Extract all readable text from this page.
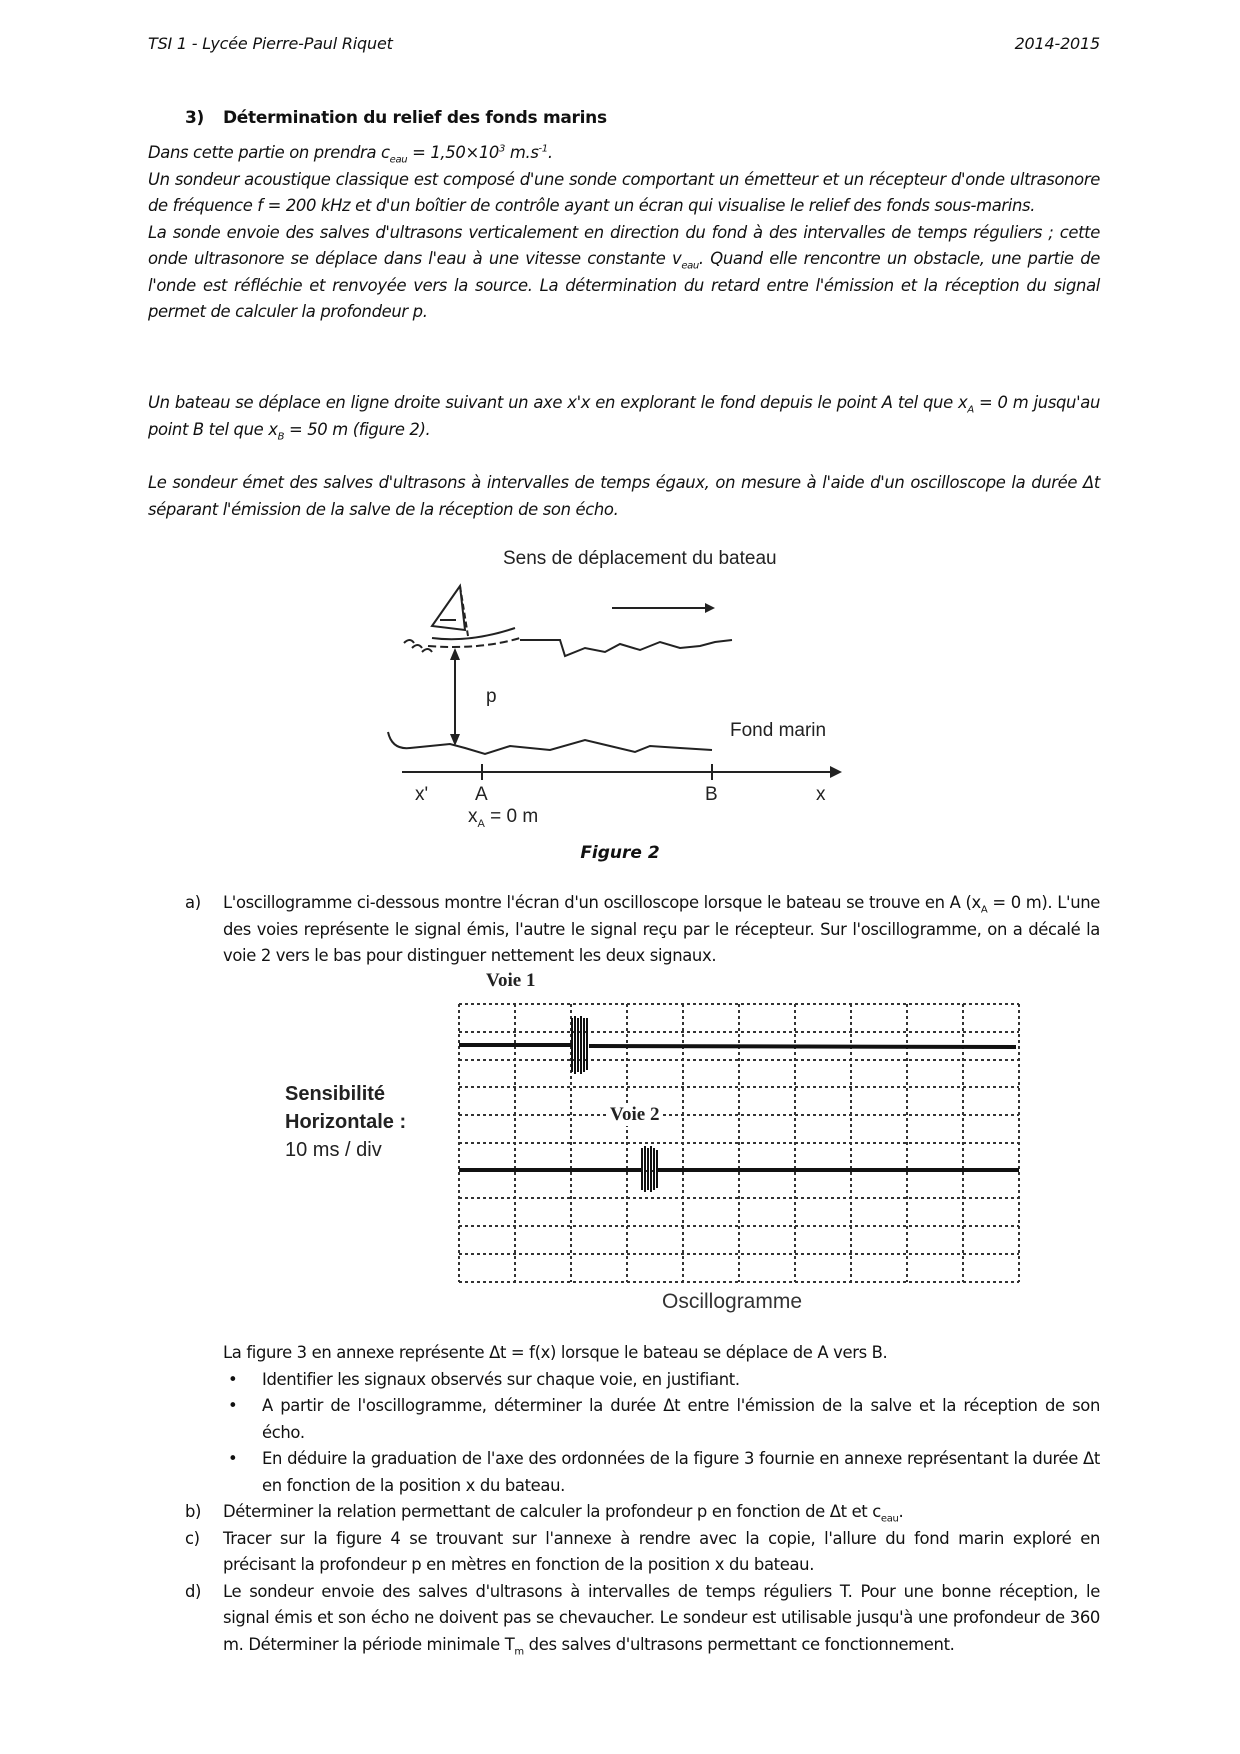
TSI 1 - Lycée Pierre-Paul Riquet	2014-2015
3) Détermination du relief des fonds marins

Dans cette partie on prendra $c_{eau} = 1,50\times 10^3$ $m.s^{-1}$.

Un sondeur acoustique classique est composé d'une sonde comportant un émetteur et un récepteur d'onde ultrasonore de fréquence f = 200 kHz et d'un boîtier de contrôle ayant un écran qui visualise le relief des fonds sous-marins.

La sonde envoie des salves d'ultrasons verticalement en direction du fond à des intervalles de temps réguliers ; cette onde ultrasonore se déplace dans l'eau à une vitesse constante $v_{eau}$. Quand elle rencontre un obstacle, une partie de l'onde est réfléchie et renvoyée vers la source. La détermination du retard entre l'émission et la réception du signal permet de calculer la profondeur p.

Un bateau se déplace en ligne droite suivant un axe x'x en explorant le fond depuis le point A tel que $x_A = 0$ m jusqu'au point B tel que $x_B = 50$ m (figure 2).

Le sondeur émet des salves d'ultrasons à intervalles de temps égaux, on mesure à l'aide d'un oscilloscope la durée Δt séparant l'émission de la salve de la réception de son écho.

Sens de déplacement du bateau
p
Fond marin
x' A	B	x
$x_A = 0$ m
Figure 2
a) L'oscillogramme ci-dessous montre l'écran d'un oscilloscope lorsque le bateau se trouve en A ($x_A = 0$ m). L'une des voies représente le signal émis, l'autre le signal reçu par le récepteur. Sur l'oscillogramme, on a décalé la voie 2 vers le bas pour distinguer nettement les deux signaux.
Voie 1
Voie 2
Sensibilité
Horizontale :
10 ms / div
Oscillogramme
La figure 3 en annexe représente Δt = f(x) lorsque le bateau se déplace de A vers B.
• Identifier les signaux observés sur chaque voie, en justifiant.
• A partir de l'oscillogramme, déterminer la durée Δt entre l'émission de la salve et la réception de son écho.
• En déduire la graduation de l'axe des ordonnées de la figure 3 fournie en annexe représentant la durée Δt en fonction de la position x du bateau.
b) Déterminer la relation permettant de calculer la profondeur p en fonction de Δt et $c_{eau}$.
c) Tracer sur la figure 4 se trouvant sur l'annexe à rendre avec la copie, l'allure du fond marin exploré en précisant la profondeur p en mètres en fonction de la position x du bateau.
d) Le sondeur envoie des salves d'ultrasons à intervalles de temps réguliers T. Pour une bonne réception, le signal émis et son écho ne doivent pas se chevaucher. Le sondeur est utilisable jusqu'à une profondeur de 360 m. Déterminer la période minimale $T_m$ des salves d'ultrasons permettant ce fonctionnement.
